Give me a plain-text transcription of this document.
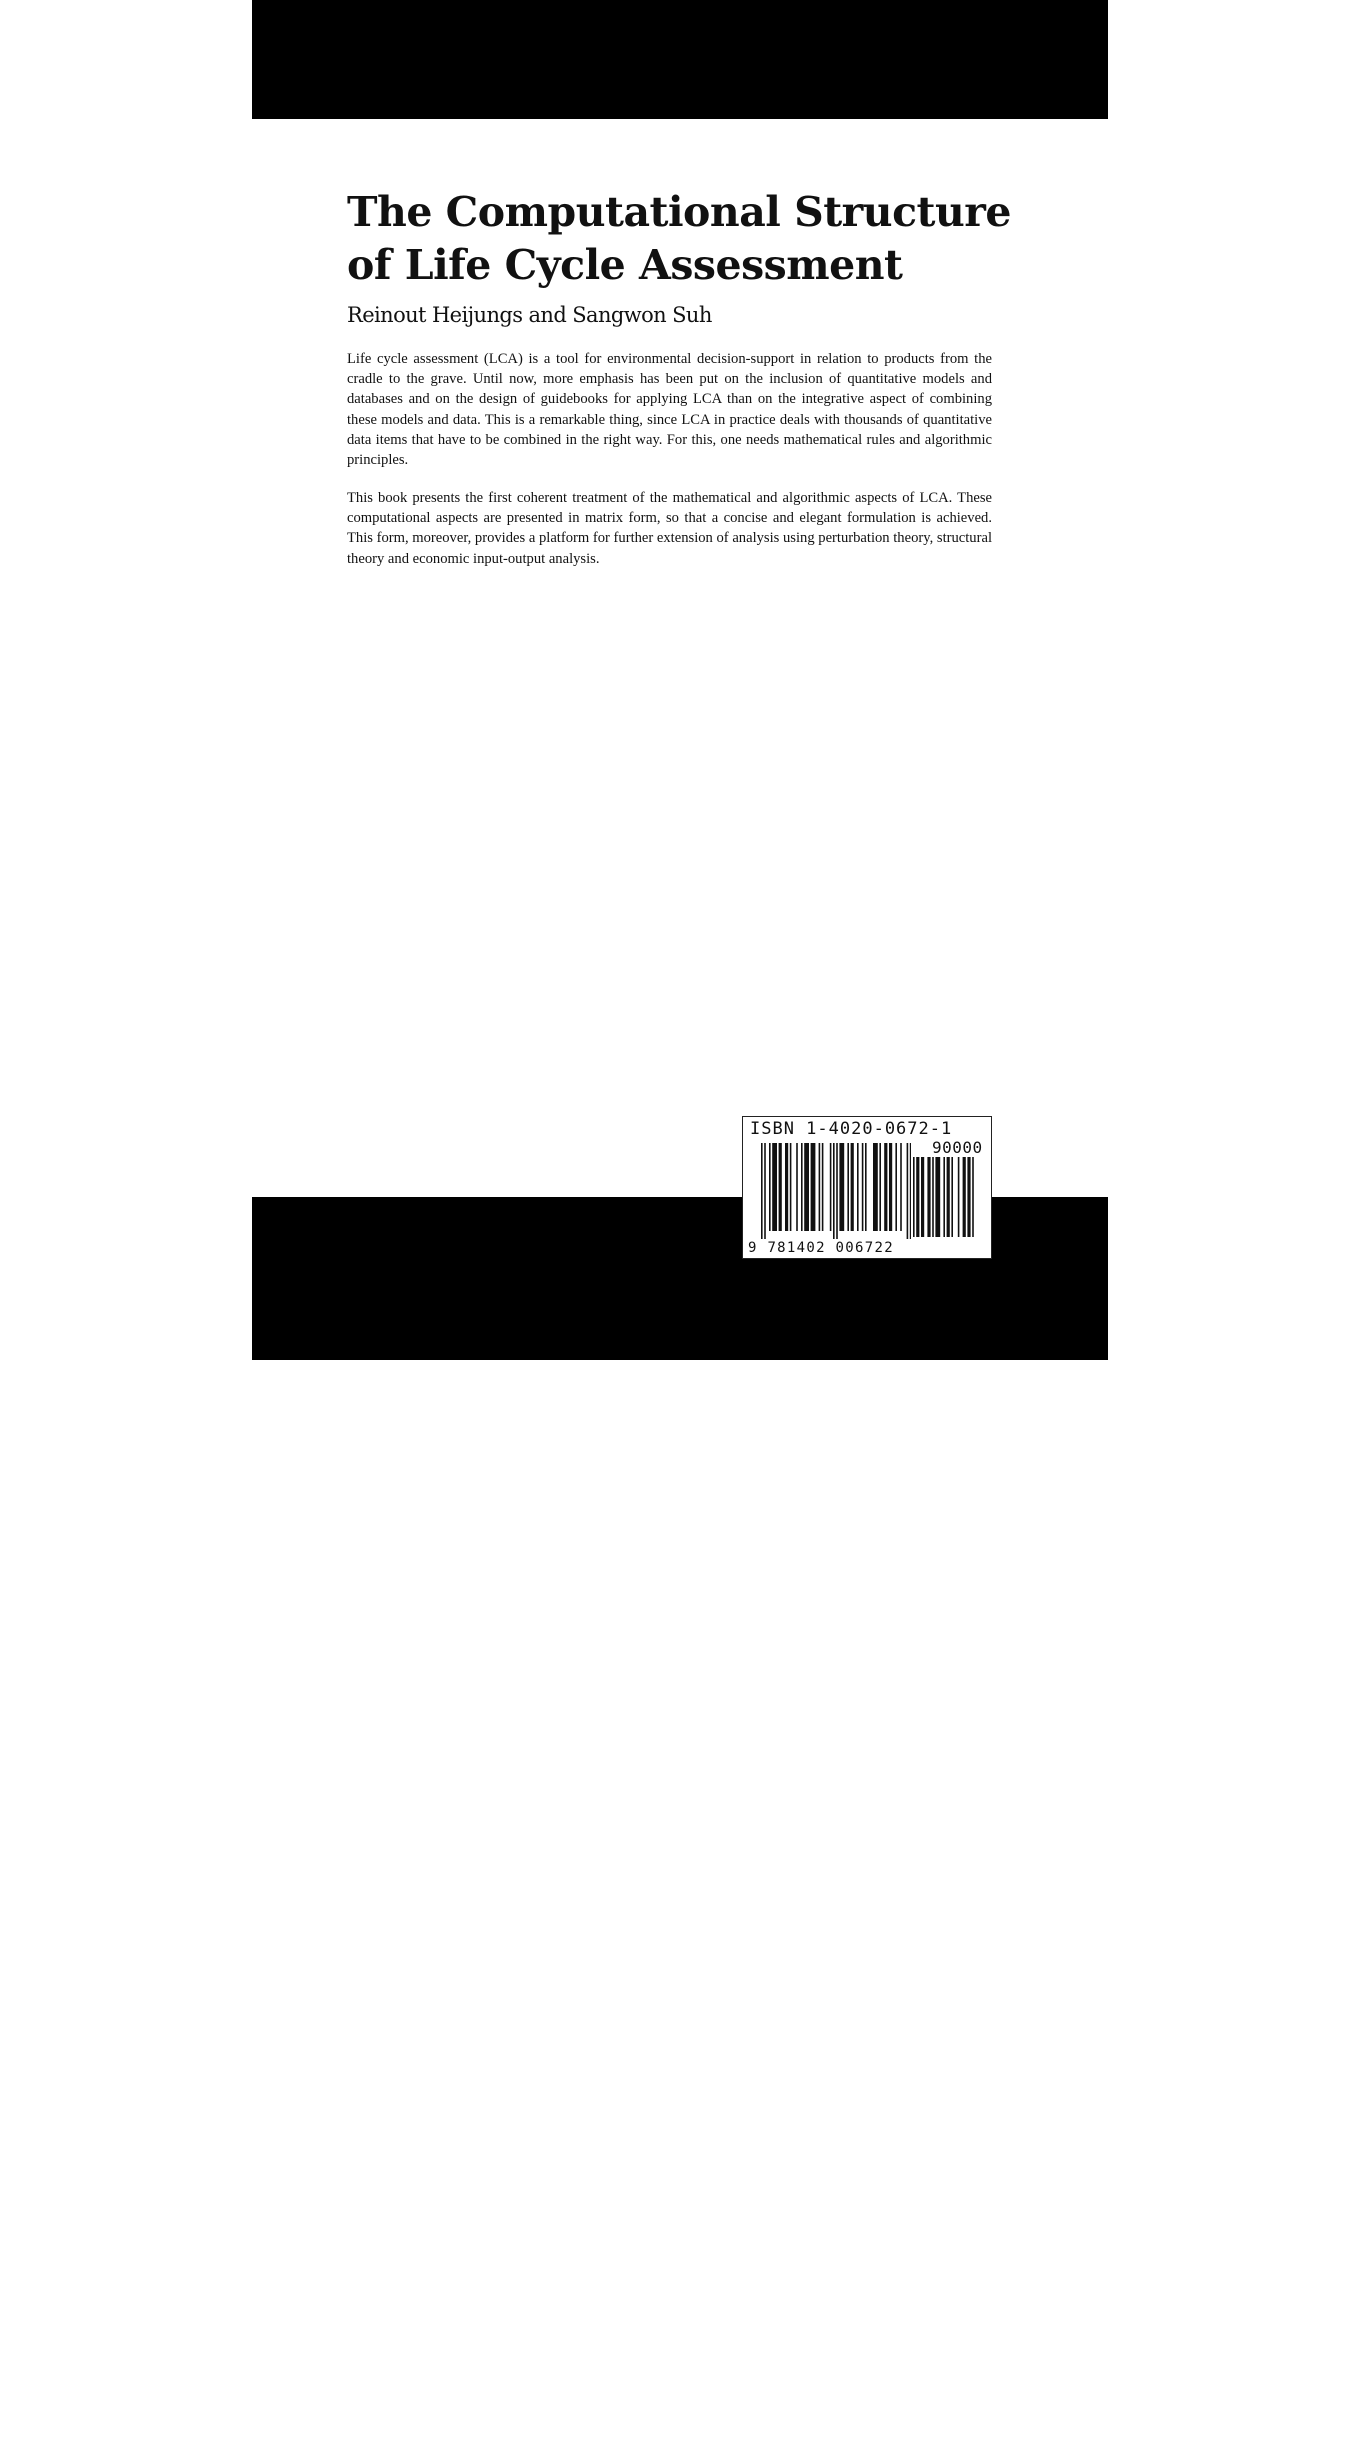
The Computational Structure
of Life Cycle Assessment

Reinout Heijungs and Sangwon Suh

Life cycle assessment (LCA) is a tool for environmental decision-support in relation to products from the cradle to the grave. Until now, more emphasis has been put on the inclusion of quantitative models and databases and on the design of guidebooks for applying LCA than on the integrative aspect of combining these models and data. This is a remarkable thing, since LCA in practice deals with thousands of quantitative data items that have to be combined in the right way. For this, one needs mathematical rules and algorithmic principles.

This book presents the first coherent treatment of the mathematical and algorithmic aspects of LCA. These computational aspects are presented in matrix form, so that a concise and elegant formulation is achieved. This form, moreover, provides a platform for further extension of analysis using perturbation theory, structural theory and economic input-output analysis.

KLUWER ACADEMIC PUBLISHERS	ECOE 11
ISBN 1-4020-0672-1
90000
9 781402 006722
